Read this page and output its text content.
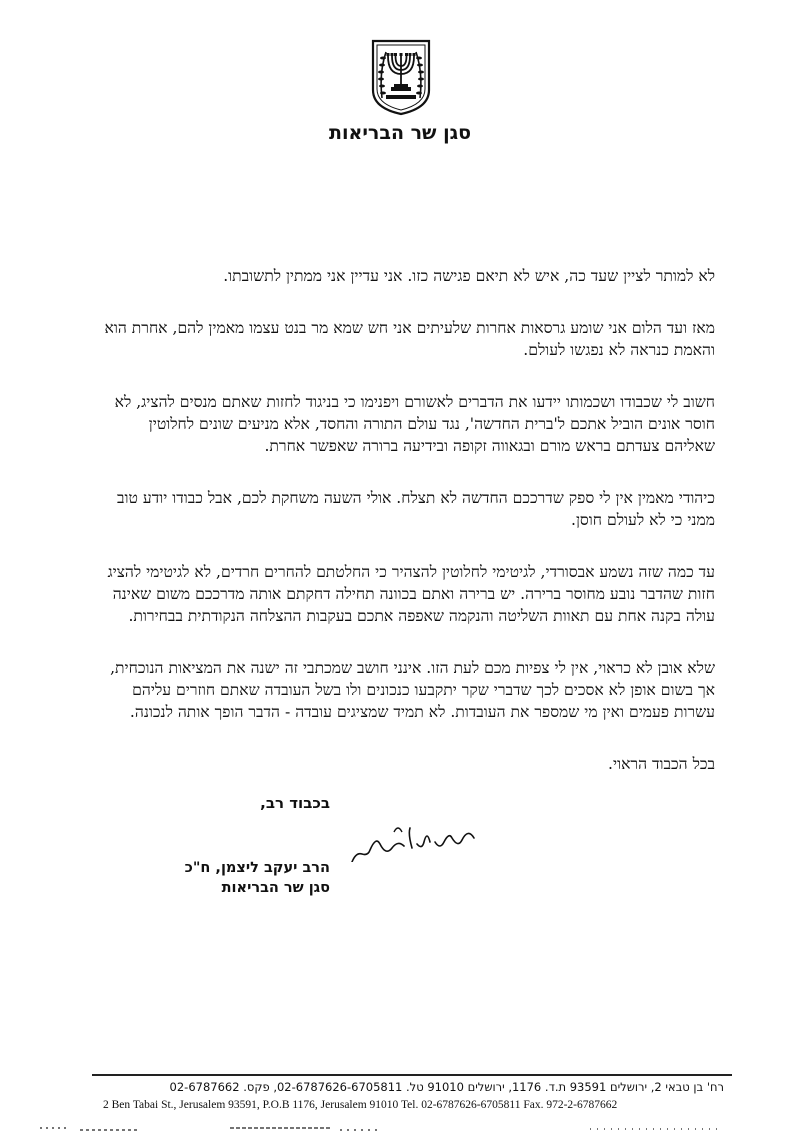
סגן שר הבריאות

לא למותר לציין שעד כה, איש לא תיאם פגישה כזו. אני עדיין אני ממתין לתשובתו.

מאז ועד הלום אני שומע גרסאות אחרות שלעיתים אני חש שמא מר בנט עצמו מאמין להם, אחרת הוא והאמת כנראה לא נפגשו לעולם.

חשוב לי שכבודו ושכמותו יידעו את הדברים לאשורם ויפנימו כי בניגוד לחזות שאתם מנסים להציג, לא חוסר אונים הוביל אתכם ל'ברית החדשה', נגד עולם התורה והחסד, אלא מניעים שונים לחלוטין שאליהם צעדתם בראש מורם ובגאווה זקופה ובידיעה ברורה שאפשר אחרת.

כיהודי מאמין אין לי ספק שדרככם החדשה לא תצלח. אולי השעה משחקת לכם, אבל כבודו יודע טוב ממני כי לא לעולם חוסן.

עד כמה שזה נשמע אבסורדי, לגיטימי לחלוטין להצהיר כי החלטתם להחרים חרדים, לא לגיטימי להציג חזות שהדבר נובע מחוסר ברירה. יש ברירה ואתם בכוונה תחילה דחקתם אותה מדרככם משום שאינה עולה בקנה אחת עם תאוות השליטה והנקמה שאפפה אתכם בעקבות ההצלחה הנקודתית בבחירות.

שלא אובן לא כראוי, אין לי צפיות מכם לעת הזו. אינני חושב שמכתבי זה ישנה את המציאות הנוכחית, אך בשום אופן לא אסכים לכך שדברי שקר יתקבעו כנכונים ולו בשל העובדה שאתם חוזרים עליהם עשרות פעמים ואין מי שמספר את העובדות. לא תמיד שמציגים עובדה - הדבר הופך אותה לנכונה.

בכל הכבוד הראוי.

בכבוד רב,
הרב יעקב ליצמן, ח"כ
סגן שר הבריאות
רח' בן טבאי 2, ירושלים 93591 ת.ד. 1176, ירושלים 91010 טל. 02-6787626-6705811, פקס. 02-6787662
2 Ben Tabai St., Jerusalem 93591, P.O.B 1176, Jerusalem 91010 Tel. 02-6787626-6705811 Fax. 972-2-6787662
